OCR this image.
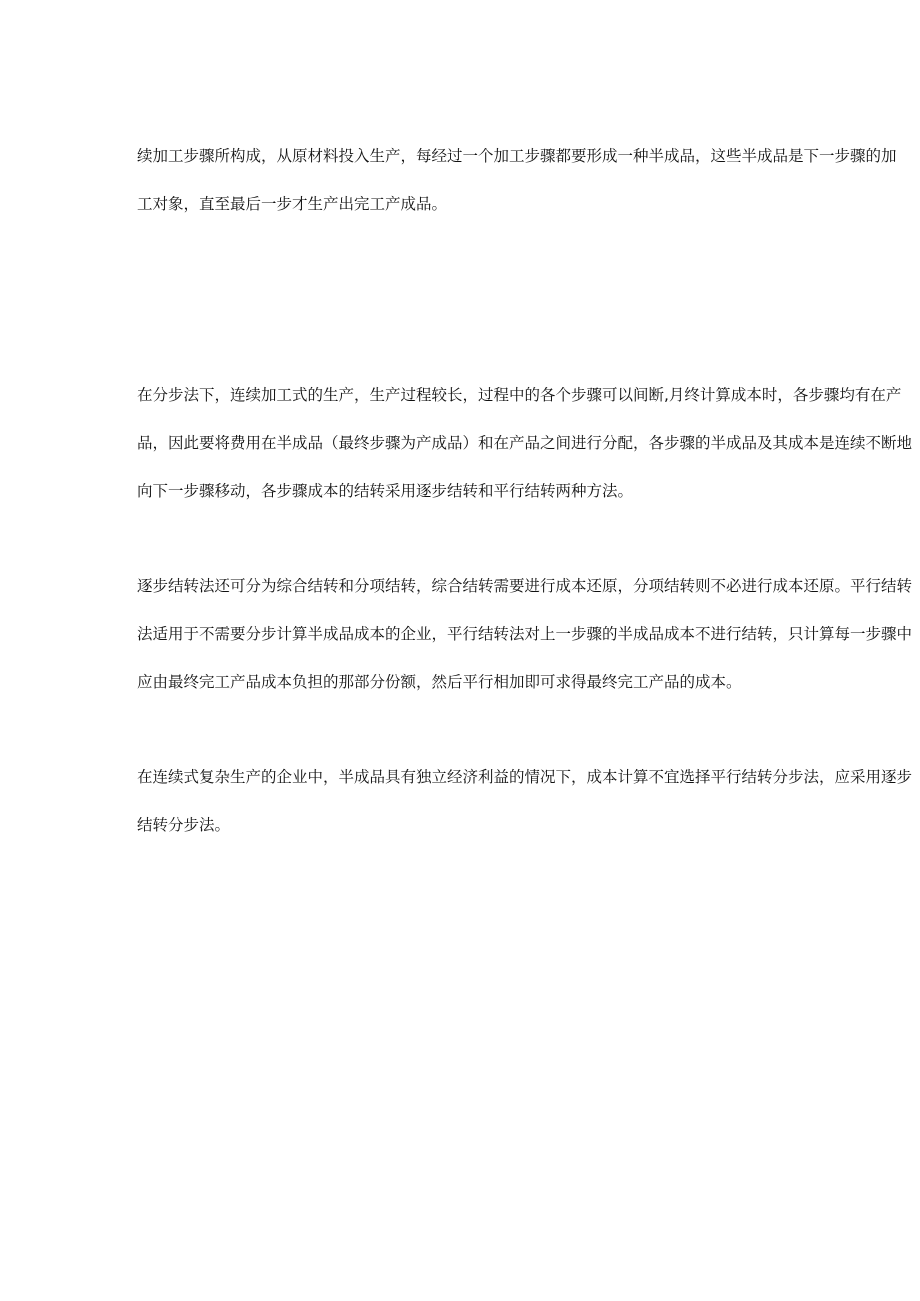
续加工步骤所构成，从原材料投入生产，每经过一个加工步骤都要形成一种半成品，这些半成品是下一步骤的加
工对象，直至最后一步才生产出完工产成品。
在分步法下，连续加工式的生产，生产过程较长，过程中的各个步骤可以间断,月终计算成本时，各步骤均有在产
品，因此要将费用在半成品（最终步骤为产成品）和在产品之间进行分配，各步骤的半成品及其成本是连续不断地
向下一步骤移动，各步骤成本的结转采用逐步结转和平行结转两种方法。
逐步结转法还可分为综合结转和分项结转，综合结转需要进行成本还原，分项结转则不必进行成本还原。平行结转
法适用于不需要分步计算半成品成本的企业，平行结转法对上一步骤的半成品成本不进行结转，只计算每一步骤中
应由最终完工产品成本负担的那部分份额，然后平行相加即可求得最终完工产品的成本。
在连续式复杂生产的企业中，半成品具有独立经济利益的情况下，成本计算不宜选择平行结转分步法，应采用逐步
结转分步法。
